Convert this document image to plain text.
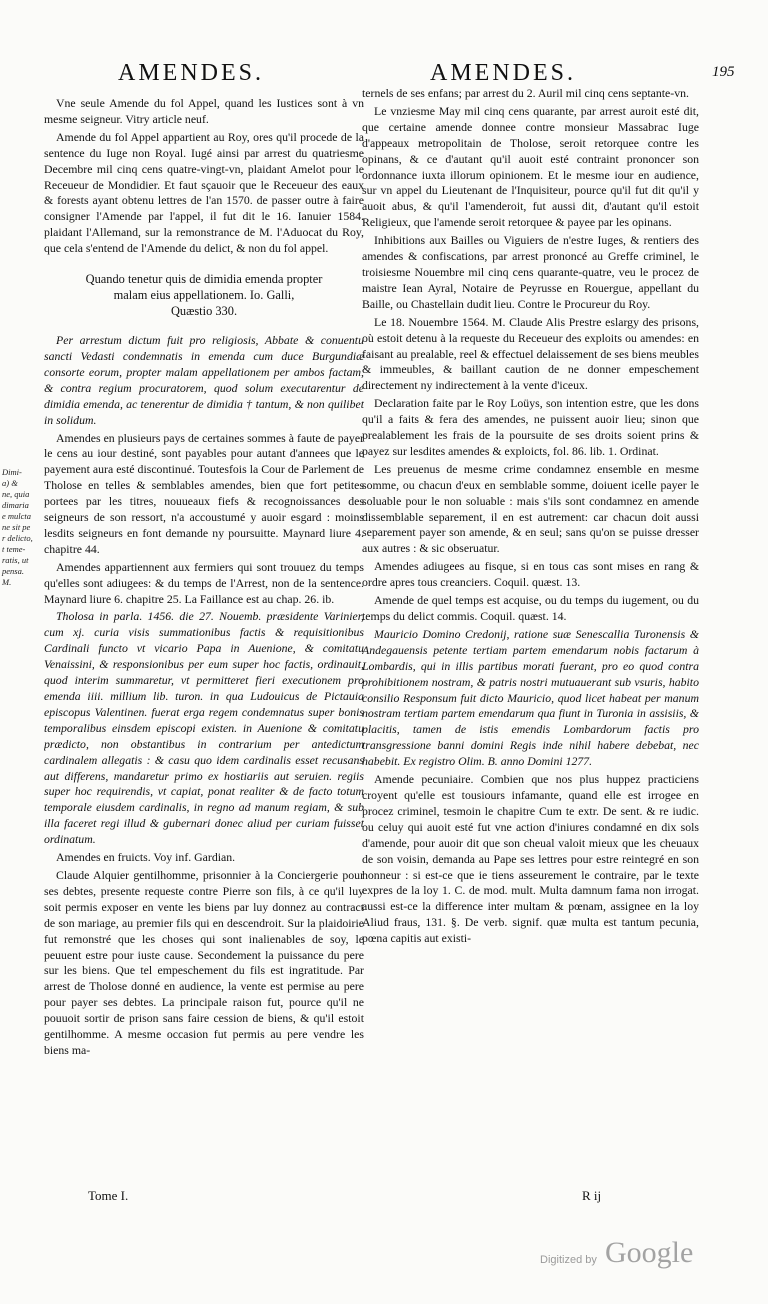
AMENDES.	AMENDES.	195
Dimi-
a) &
ne, quia
dimaria
e mulcta
ne sit pe
r delicto,
t teme-
ratis, ut
pensa.
M.

Vne seule Amende du fol Appel, quand les Iustices sont à vn mesme seigneur. Vitry article neuf.

Amende du fol Appel appartient au Roy, ores qu'il procede de la sentence du Iuge non Royal. Iugé ainsi par arrest du quatriesme Decembre mil cinq cens quatre-vingt-vn, plaidant Amelot pour le Receueur de Mondidier. Et faut sçauoir que le Receueur des eaux & forests ayant obtenu lettres de l'an 1570. de passer outre à faire consigner l'Amende par l'appel, il fut dit le 16. Ianuier 1584. plaidant l'Allemand, sur la remonstrance de M. l'Aduocat du Roy, que cela s'entend de l'Amende du delict, & non du fol appel.

Quando tenetur quis de dimidia emenda propter
malam eius appellationem. Io. Galli,
Quæstio 330.

Per arrestum dictum fuit pro religiosis, Abbate & conuentu sancti Vedasti condemnatis in emenda cum duce Burgundiæ consorte eorum, propter malam appellationem per ambos factam, & contra regium procuratorem, quod solum executarentur de dimidia emenda, ac tenerentur de dimidia † tantum, & non quilibet in solidum.

Amendes en plusieurs pays de certaines sommes à faute de payer le cens au iour destiné, sont payables pour autant d'annees que le payement aura esté discontinué. Toutesfois la Cour de Parlement de Tholose en telles & semblables amendes, bien que fort petites portees par les titres, nouueaux fiefs & recognoissances des seigneurs de son ressort, n'a accoustumé y auoir esgard : moins lesdits seigneurs en font demande ny poursuitte. Maynard liure 4. chapitre 44.

Amendes appartiennent aux fermiers qui sont trouuez du temps qu'elles sont adiugees: & du temps de l'Arrest, non de la sentence. Maynard liure 6. chapitre 25. La Faillance est au chap. 26. ib.

Tholosa in parla. 1456. die 27. Nouemb. præsidente Varinier, cum xj. curia visis summationibus factis & requisitionibus Cardinali functo vt vicario Papa in Auenione, & comitatu Venaissini, & responsionibus per eum super hoc factis, ordinauit, quod interim summaretur, vt permitteret fieri executionem pro emenda iiii. millium lib. turon. in qua Ludouicus de Pictauia episcopus Valentinen. fuerat erga regem condemnatus super bonis temporalibus einsdem episcopi existen. in Auenione & comitatu prædicto, non obstantibus in contrarium per antedictum cardinalem allegatis : & casu quo idem cardinalis esset recusans aut differens, mandaretur primo ex hostiariis aut seruien. regiis super hoc requirendis, vt capiat, ponat realiter & de facto totum temporale eiusdem cardinalis, in regno ad manum regiam, & sub illa faceret regi illud & gubernari donec aliud per curiam fuisset ordinatum.

Amendes en fruicts. Voy inf. Gardian.

Claude Alquier gentilhomme, prisonnier à la Conciergerie pour ses debtes, presente requeste contre Pierre son fils, à ce qu'il luy soit permis exposer en vente les biens par luy donnez au contract de son mariage, au premier fils qui en descendroit. Sur la plaidoirie fut remonstré que les choses qui sont inalienables de soy, le peuuent estre pour iuste cause. Secondement la puissance du pere sur les biens. Que tel empeschement du fils est ingratitude. Par arrest de Tholose donné en audience, la vente est permise au pere pour payer ses debtes. La principale raison fut, pource qu'il ne pouuoit sortir de prison sans faire cession de biens, & qu'il estoit gentilhomme. A mesme occasion fut permis au pere vendre les biens ma-

ternels de ses enfans; par arrest du 2. Auril mil cinq cens septante-vn.

Le vnziesme May mil cinq cens quarante, par arrest auroit esté dit, que certaine amende donnee contre monsieur Massabrac Iuge d'appeaux metropolitain de Tholose, seroit retorquee contre les opinans, & ce d'autant qu'il auoit esté contraint prononcer son ordonnance iuxta illorum opinionem. Et le mesme iour en audience, sur vn appel du Lieutenant de l'Inquisiteur, pource qu'il fut dit qu'il y auoit abus, & qu'il l'amenderoit, fut aussi dit, d'autant qu'il estoit Religieux, que l'amende seroit retorquee & payee par les opinans.

Inhibitions aux Bailles ou Viguiers de n'estre Iuges, & rentiers des amendes & confiscations, par arrest prononcé au Greffe criminel, le troisiesme Nouembre mil cinq cens quarante-quatre, veu le procez de maistre Iean Ayral, Notaire de Peyrusse en Rouergue, appellant du Baille, ou Chastellain dudit lieu. Contre le Procureur du Roy.

Le 18. Nouembre 1564. M. Claude Alis Prestre eslargy des prisons, où estoit detenu à la requeste du Receueur des exploits ou amendes: en faisant au prealable, reel & effectuel delaissement de ses biens meubles & immeubles, & baillant caution de ne donner empeschement directement ny indirectement à la vente d'iceux.

Declaration faite par le Roy Loüys, son intention estre, que les dons qu'il a faits & fera des amendes, ne puissent auoir lieu; sinon que prealablement les frais de la poursuite de ses droits soient prins & payez sur lesdites amendes & exploicts, fol. 86. lib. 1. Ordinat.

Les preuenus de mesme crime condamnez ensemble en mesme somme, ou chacun d'eux en semblable somme, doiuent icelle payer le soluable pour le non soluable : mais s'ils sont condamnez en amende dissemblable separement, il en est autrement: car chacun doit aussi separement payer son amende, & en seul; sans qu'on se puisse dresser aux autres : & sic obseruatur.

Amendes adiugees au fisque, si en tous cas sont mises en rang & ordre apres tous creanciers. Coquil. quæst. 13.

Amende de quel temps est acquise, ou du temps du iugement, ou du temps du delict commis. Coquil. quæst. 14.

Mauricio Domino Credonij, ratione suæ Senescallia Turonensis & Andegauensis petente tertiam partem emendarum nobis factarum à Lombardis, qui in illis partibus morati fuerant, pro eo quod contra prohibitionem nostram, & patris nostri mutuauerant sub vsuris, habito consilio Responsum fuit dicto Mauricio, quod licet habeat per manum nostram tertiam partem emendarum qua fiunt in Turonia in assisiis, & placitis, tamen de istis emendis Lombardorum factis pro transgressione banni domini Regis inde nihil habere debebat, nec habebit. Ex registro Olim. B. anno Domini 1277.

Amende pecuniaire. Combien que nos plus huppez practiciens croyent qu'elle est tousiours infamante, quand elle est irrogee en procez criminel, tesmoin le chapitre Cum te extr. De sent. & re iudic. ou celuy qui auoit esté fut vne action d'iniures condamné en dix sols d'amende, pour auoir dit que son cheual valoit mieux que les cheuaux de son voisin, demanda au Pape ses lettres pour estre reintegré en son honneur : si est-ce que ie tiens asseurement le contraire, par le texte expres de la loy 1. C. de mod. mult. Multa damnum fama non irrogat. aussi est-ce la difference inter multam & pœnam, assignee en la loy Aliud fraus, 131. §. De verb. signif. quæ multa est tantum pecunia, pœna capitis aut existi-

Tome I.	R ij
Digitized by Google
